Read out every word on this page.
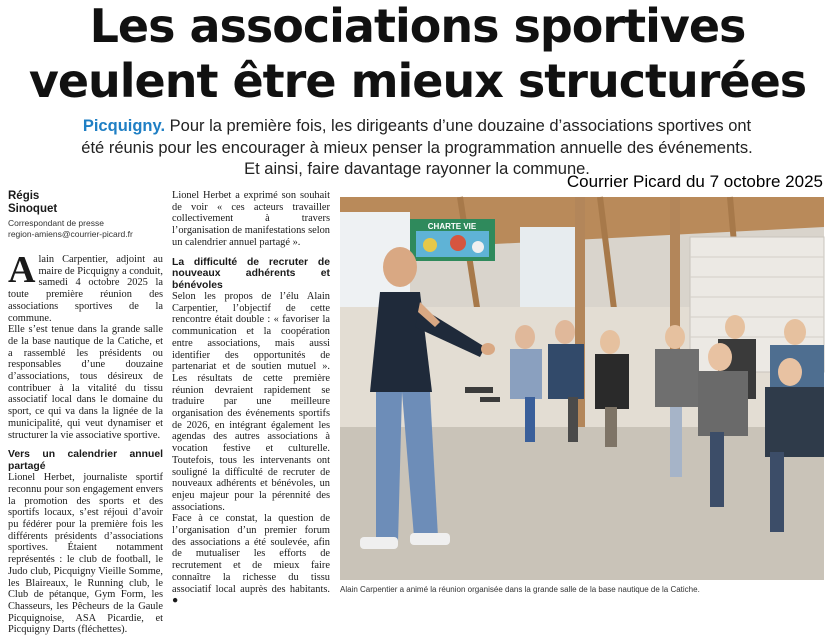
Les associations sportives
veulent être mieux structurées
Picquigny. Pour la première fois, les dirigeants d’une douzaine d’associations sportives ont été réunis pour les encourager à mieux penser la programmation annuelle des événements. Et ainsi, faire davantage rayonner la commune.
Courrier Picard du 7 octobre 2025
Régis
Sinoquet
Correspondant de presse
region-amiens@courrier-picard.fr
A lain Carpentier, adjoint au maire de Picquigny a conduit, samedi 4 octobre 2025 la toute première réunion des associations sportives de la commune.

Elle s’est tenue dans la grande salle de la base nautique de la Catiche, et a rassemblé les présidents ou responsables d’une douzaine d’associations, tous désireux de contribuer à la vitalité du tissu associatif local dans le domaine du sport, ce qui va dans la lignée de la municipalité, qui veut dynamiser et structurer la vie associative sportive.

Vers un calendrier annuel partagé

Lionel Herbet, journaliste sportif reconnu pour son engagement envers la promotion des sports et des sportifs locaux, s’est réjoui d’avoir pu fédérer pour la première fois les différents présidents d’associations sportives. Étaient notamment représentés : le club de football, le Judo club, Picquigny Vieille Somme, les Blaireaux, le Running club, le Club de pétanque, Gym Form, les Chasseurs, les Pêcheurs de la Gaule Picquignoise, ASA Picardie, et Picquigny Darts (fléchettes).

Lionel Herbet a exprimé son souhait de voir « ces acteurs travailler collectivement à travers l’organisation de manifestations selon un calendrier annuel partagé ».

La difficulté de recruter de nouveaux adhérents et bénévoles

Selon les propos de l’élu Alain Carpentier, l’objectif de cette rencontre était double : « favoriser la communication et la coopération entre associations, mais aussi identifier des opportunités de partenariat et de soutien mutuel ». Les résultats de cette première réunion devraient rapidement se traduire par une meilleure organisation des événements sportifs de 2026, en intégrant également les agendas des autres associations à vocation festive et culturelle. Toutefois, tous les intervenants ont souligné la difficulté de recruter de nouveaux adhérents et bénévoles, un enjeu majeur pour la pérennité des associations.

Face à ce constat, la question de l’organisation d’un premier forum des associations a été soulevée, afin de mutualiser les efforts de recrutement et de mieux faire connaître la richesse du tissu associatif local auprès des habitants. ●

CHARTE VIE
Alain Carpentier a animé la réunion organisée dans la grande salle de la base nautique de la Catiche.
